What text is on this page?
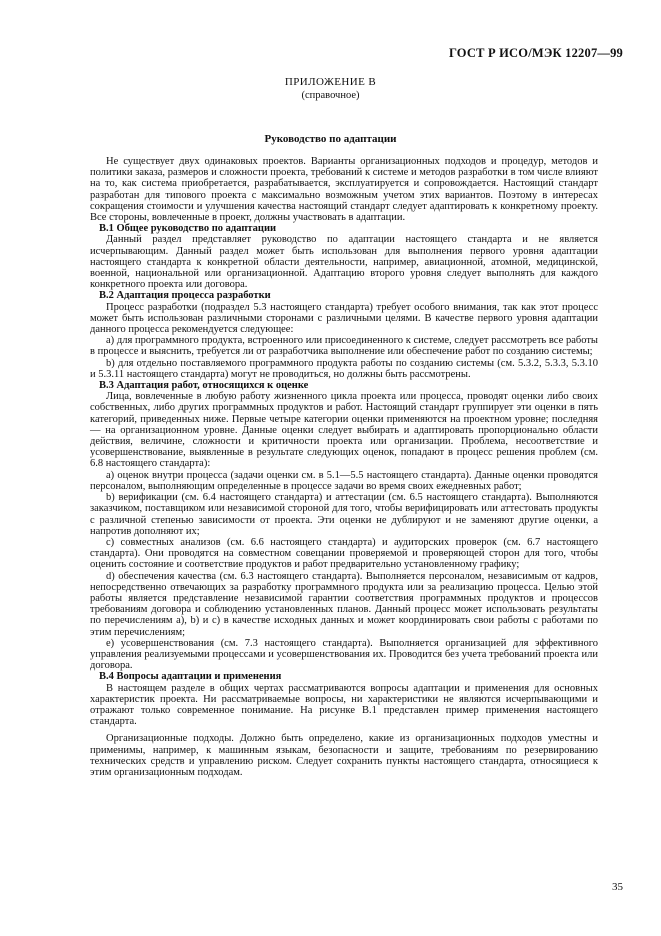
ГОСТ Р ИСО/МЭК 12207—99
ПРИЛОЖЕНИЕ В
(справочное)
Руководство по адаптации

Не существует двух одинаковых проектов. Варианты организационных подходов и процедур, методов и политики заказа, размеров и сложности проекта, требований к системе и методов разработки в том числе влияют на то, как система приобретается, разрабатывается, эксплуатируется и сопровождается. Настоящий стандарт разработан для типового проекта с максимально возможным учетом этих вариантов. Поэтому в интересах сокращения стоимости и улучшения качества настоящий стандарт следует адаптировать к конкретному проекту. Все стороны, вовлеченные в проект, должны участвовать в адаптации.

В.1 Общее руководство по адаптации

Данный раздел представляет руководство по адаптации настоящего стандарта и не является исчерпывающим. Данный раздел может быть использован для выполнения первого уровня адаптации настоящего стандарта к конкретной области деятельности, например, авиационной, атомной, медицинской, военной, национальной или организационной. Адаптацию второго уровня следует выполнять для каждого конкретного проекта или договора.

В.2 Адаптация процесса разработки

Процесс разработки (подраздел 5.3 настоящего стандарта) требует особого внимания, так как этот процесс может быть использован различными сторонами с различными целями. В качестве первого уровня адаптации данного процесса рекомендуется следующее:

а) для программного продукта, встроенного или присоединенного к системе, следует рассмотреть все работы в процессе и выяснить, требуется ли от разработчика выполнение или обеспечение работ по созданию системы;

b) для отдельно поставляемого программного продукта работы по созданию системы (см. 5.3.2, 5.3.3, 5.3.10 и 5.3.11 настоящего стандарта) могут не проводиться, но должны быть рассмотрены.

В.3 Адаптация работ, относящихся к оценке

Лица, вовлеченные в любую работу жизненного цикла проекта или процесса, проводят оценки либо своих собственных, либо других программных продуктов и работ. Настоящий стандарт группирует эти оценки в пять категорий, приведенных ниже. Первые четыре категории оценки применяются на проектном уровне; последняя — на организационном уровне. Данные оценки следует выбирать и адаптировать пропорционально области действия, величине, сложности и критичности проекта или организации. Проблема, несоответствие и усовершенствование, выявленные в результате следующих оценок, попадают в процесс решения проблем (см. 6.8 настоящего стандарта):

а) оценок внутри процесса (задачи оценки см. в 5.1—5.5 настоящего стандарта). Данные оценки проводятся персоналом, выполняющим определенные в процессе задачи во время своих ежедневных работ;

b) верификации (см. 6.4 настоящего стандарта) и аттестации (см. 6.5 настоящего стандарта). Выполняются заказчиком, поставщиком или независимой стороной для того, чтобы верифицировать или аттестовать продукты с различной степенью зависимости от проекта. Эти оценки не дублируют и не заменяют другие оценки, а напротив дополняют их;

с) совместных анализов (см. 6.6 настоящего стандарта) и аудиторских проверок (см. 6.7 настоящего стандарта). Они проводятся на совместном совещании проверяемой и проверяющей сторон для того, чтобы оценить состояние и соответствие продуктов и работ предварительно установленному графику;

d) обеспечения качества (см. 6.3 настоящего стандарта). Выполняется персоналом, независимым от кадров, непосредственно отвечающих за разработку программного продукта или за реализацию процесса. Целью этой работы является представление независимой гарантии соответствия программных продуктов и процессов требованиям договора и соблюдению установленных планов. Данный процесс может использовать результаты по перечислениям а), b) и с) в качестве исходных данных и может координировать свои работы с работами по этим перечислениям;

е) усовершенствования (см. 7.3 настоящего стандарта). Выполняется организацией для эффективного управления реализуемыми процессами и усовершенствования их. Проводится без учета требований проекта или договора.

В.4 Вопросы адаптации и применения

В настоящем разделе в общих чертах рассматриваются вопросы адаптации и применения для основных характеристик проекта. Ни рассматриваемые вопросы, ни характеристики не являются исчерпывающими и отражают только современное понимание. На рисунке В.1 представлен пример применения настоящего стандарта.

Организационные подходы. Должно быть определено, какие из организационных подходов уместны и применимы, например, к машинным языкам, безопасности и защите, требованиям по резервированию технических средств и управлению риском. Следует сохранить пункты настоящего стандарта, относящиеся к этим организационным подходам.

35
